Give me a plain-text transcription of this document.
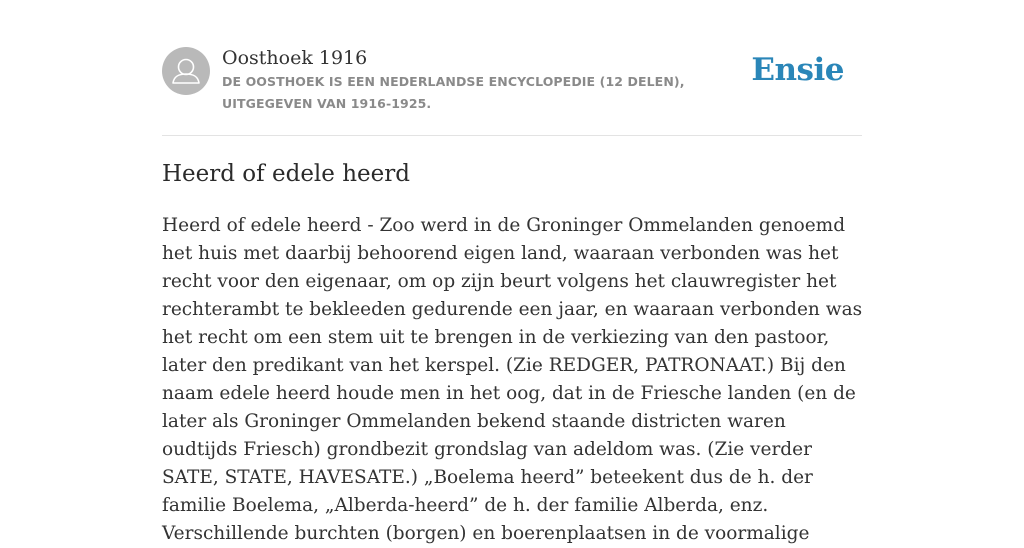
Oosthoek 1916
DE OOSTHOEK IS EEN NEDERLANDSE ENCYCLOPEDIE (12 DELEN), UITGEGEVEN VAN 1916-1925.
Ensie
Heerd of edele heerd

Heerd of edele heerd - Zoo werd in de Groninger Ommelanden genoemd het huis met daarbij behoorend eigen land, waaraan verbonden was het recht voor den eigenaar, om op zijn beurt volgens het clauwregister het rechterambt te bekleeden gedurende een jaar, en waaraan verbonden was het recht om een stem uit te brengen in de verkiezing van den pastoor, later den predikant van het kerspel. (Zie REDGER, PATRONAAT.) Bij den naam edele heerd houde men in het oog, dat in de Friesche landen (en de later als Groninger Ommelanden bekend staande districten waren oudtijds Friesch) grondbezit grondslag van adeldom was. (Zie verder SATE, STATE, HAVESATE.) „Boelema heerd” beteekent dus de h. der familie Boelema, „Alberda-heerd” de h. der familie Alberda, enz. Verschillende burchten (borgen) en boerenplaatsen in de voormalige
